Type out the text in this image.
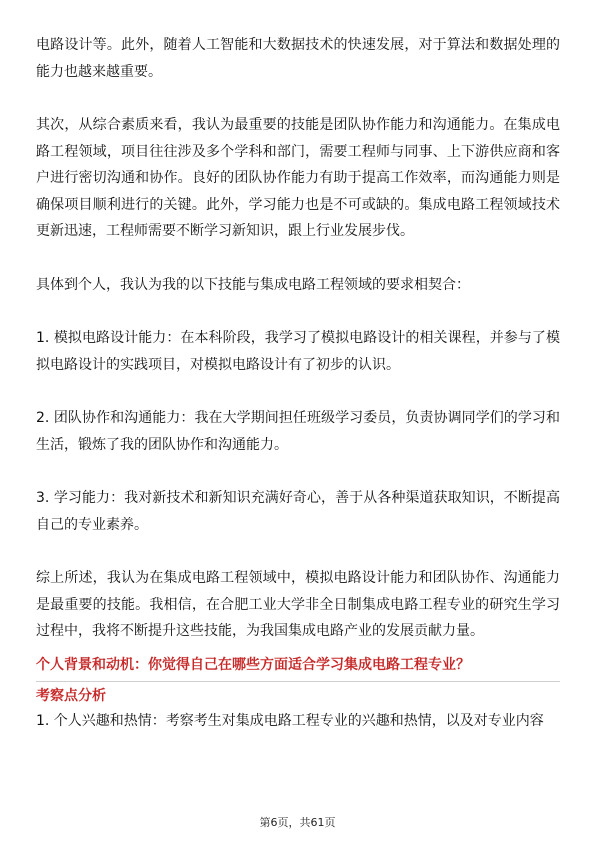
电路设计等。此外，随着人工智能和大数据技术的快速发展，对于算法和数据处理的能力也越来越重要。

其次，从综合素质来看，我认为最重要的技能是团队协作能力和沟通能力。在集成电路工程领域，项目往往涉及多个学科和部门，需要工程师与同事、上下游供应商和客户进行密切沟通和协作。良好的团队协作能力有助于提高工作效率，而沟通能力则是确保项目顺利进行的关键。此外，学习能力也是不可或缺的。集成电路工程领域技术更新迅速，工程师需要不断学习新知识，跟上行业发展步伐。

具体到个人，我认为我的以下技能与集成电路工程领域的要求相契合：

1. 模拟电路设计能力：在本科阶段，我学习了模拟电路设计的相关课程，并参与了模拟电路设计的实践项目，对模拟电路设计有了初步的认识。

2. 团队协作和沟通能力：我在大学期间担任班级学习委员，负责协调同学们的学习和生活，锻炼了我的团队协作和沟通能力。

3. 学习能力：我对新技术和新知识充满好奇心，善于从各种渠道获取知识，不断提高自己的专业素养。

综上所述，我认为在集成电路工程领域中，模拟电路设计能力和团队协作、沟通能力是最重要的技能。我相信，在合肥工业大学非全日制集成电路工程专业的研究生学习过程中，我将不断提升这些技能，为我国集成电路产业的发展贡献力量。

个人背景和动机：你觉得自己在哪些方面适合学习集成电路工程专业？

考察点分析

1. 个人兴趣和热情：考察考生对集成电路工程专业的兴趣和热情，以及对专业内容

第6页，共61页
